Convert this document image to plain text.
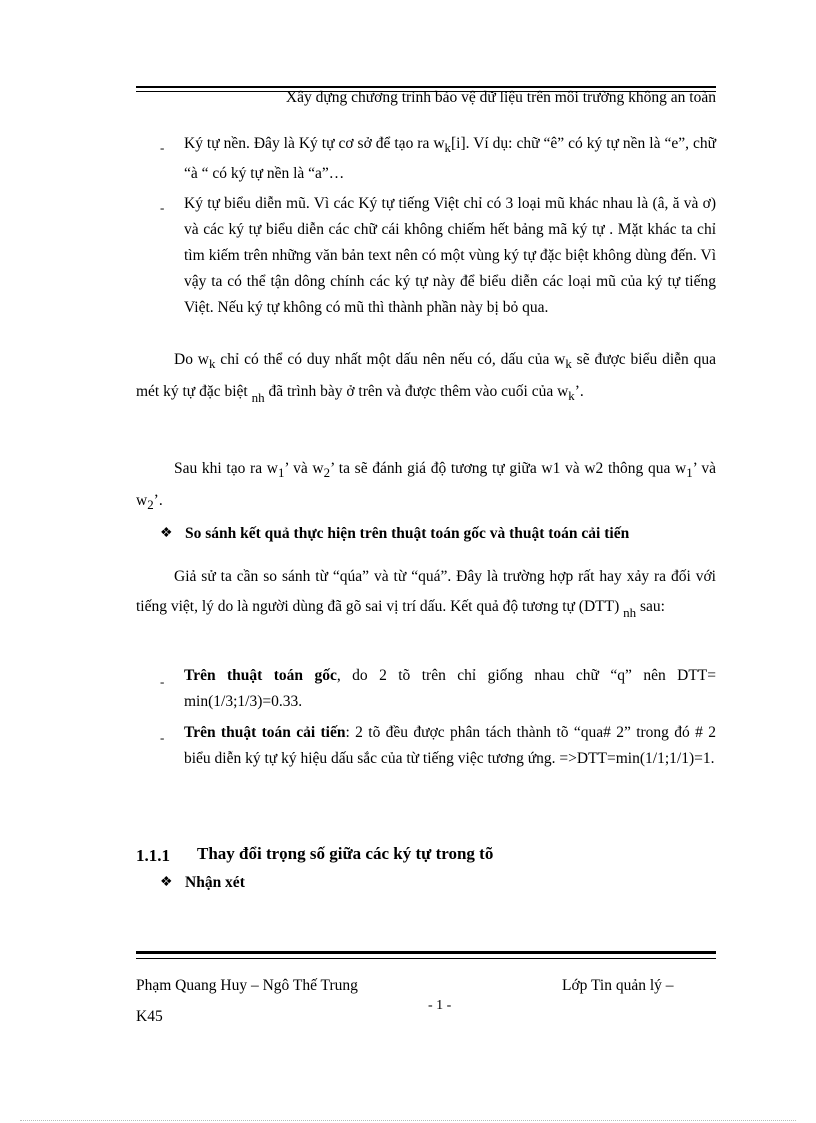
Xây dựng chương trình bảo vệ dữ liệu trên môi trường không an toàn
- Ký tự nền. Đây là Ký tự cơ sở để tạo ra $w_k[i]$. Ví dụ: chữ “ê” có ký tự nền là “e”, chữ “à “ có ký tự nền là “a”…
- Ký tự biểu diễn mũ. Vì các Ký tự tiếng Việt chỉ có 3 loại mũ khác nhau là (â, ă và ơ) và các ký tự biểu diễn các chữ cái không chiếm hết bảng mã ký tự . Mặt khác ta chỉ tìm kiếm trên những văn bản text nên có một vùng ký tự đặc biệt không dùng đến. Vì vậy ta có thể tận dông chính các ký tự này để biểu diễn các loại mũ của ký tự tiếng Việt. Nếu ký tự không có mũ thì thành phần này bị bỏ qua.
Do $w_k$ chỉ có thể có duy nhất một dấu nên nếu có, dấu của $w_k$ sẽ được biểu diễn qua mét ký tự đặc biệt $_{nh}$ đã trình bày ở trên và được thêm vào cuối của $w_k$’.
Sau khi tạo ra $w_1$’ và $w_2$’ ta sẽ đánh giá độ tương tự giữa w1 và w2 thông qua $w_1$’ và $w_2$’.
❖ So sánh kết quả thực hiện trên thuật toán gốc và thuật toán cải tiến
Giả sử ta cần so sánh từ “qúa” và từ “quá”. Đây là trường hợp rất hay xảy ra đối với tiếng việt, lý do là người dùng đã gõ sai vị trí dấu. Kết quả độ tương tự (DTT) $_{nh}$ sau:
- Trên thuật toán gốc, do 2 tõ trên chỉ giống nhau chữ “q” nên DTT= min(1/3;1/3)=0.33.
- Trên thuật toán cải tiến: 2 tõ đều được phân tách thành tõ “qua# 2” trong đó # 2 biểu diễn ký tự ký hiệu dấu sắc của từ tiếng việc tương ứng. =>DTT=min(1/1;1/1)=1.
1.1.1 Thay đổi trọng số giữa các ký tự trong tõ
❖ Nhận xét
Phạm Quang Huy – Ngô Thế Trung	Lớp Tin quản lý –
- 1 -
K45
